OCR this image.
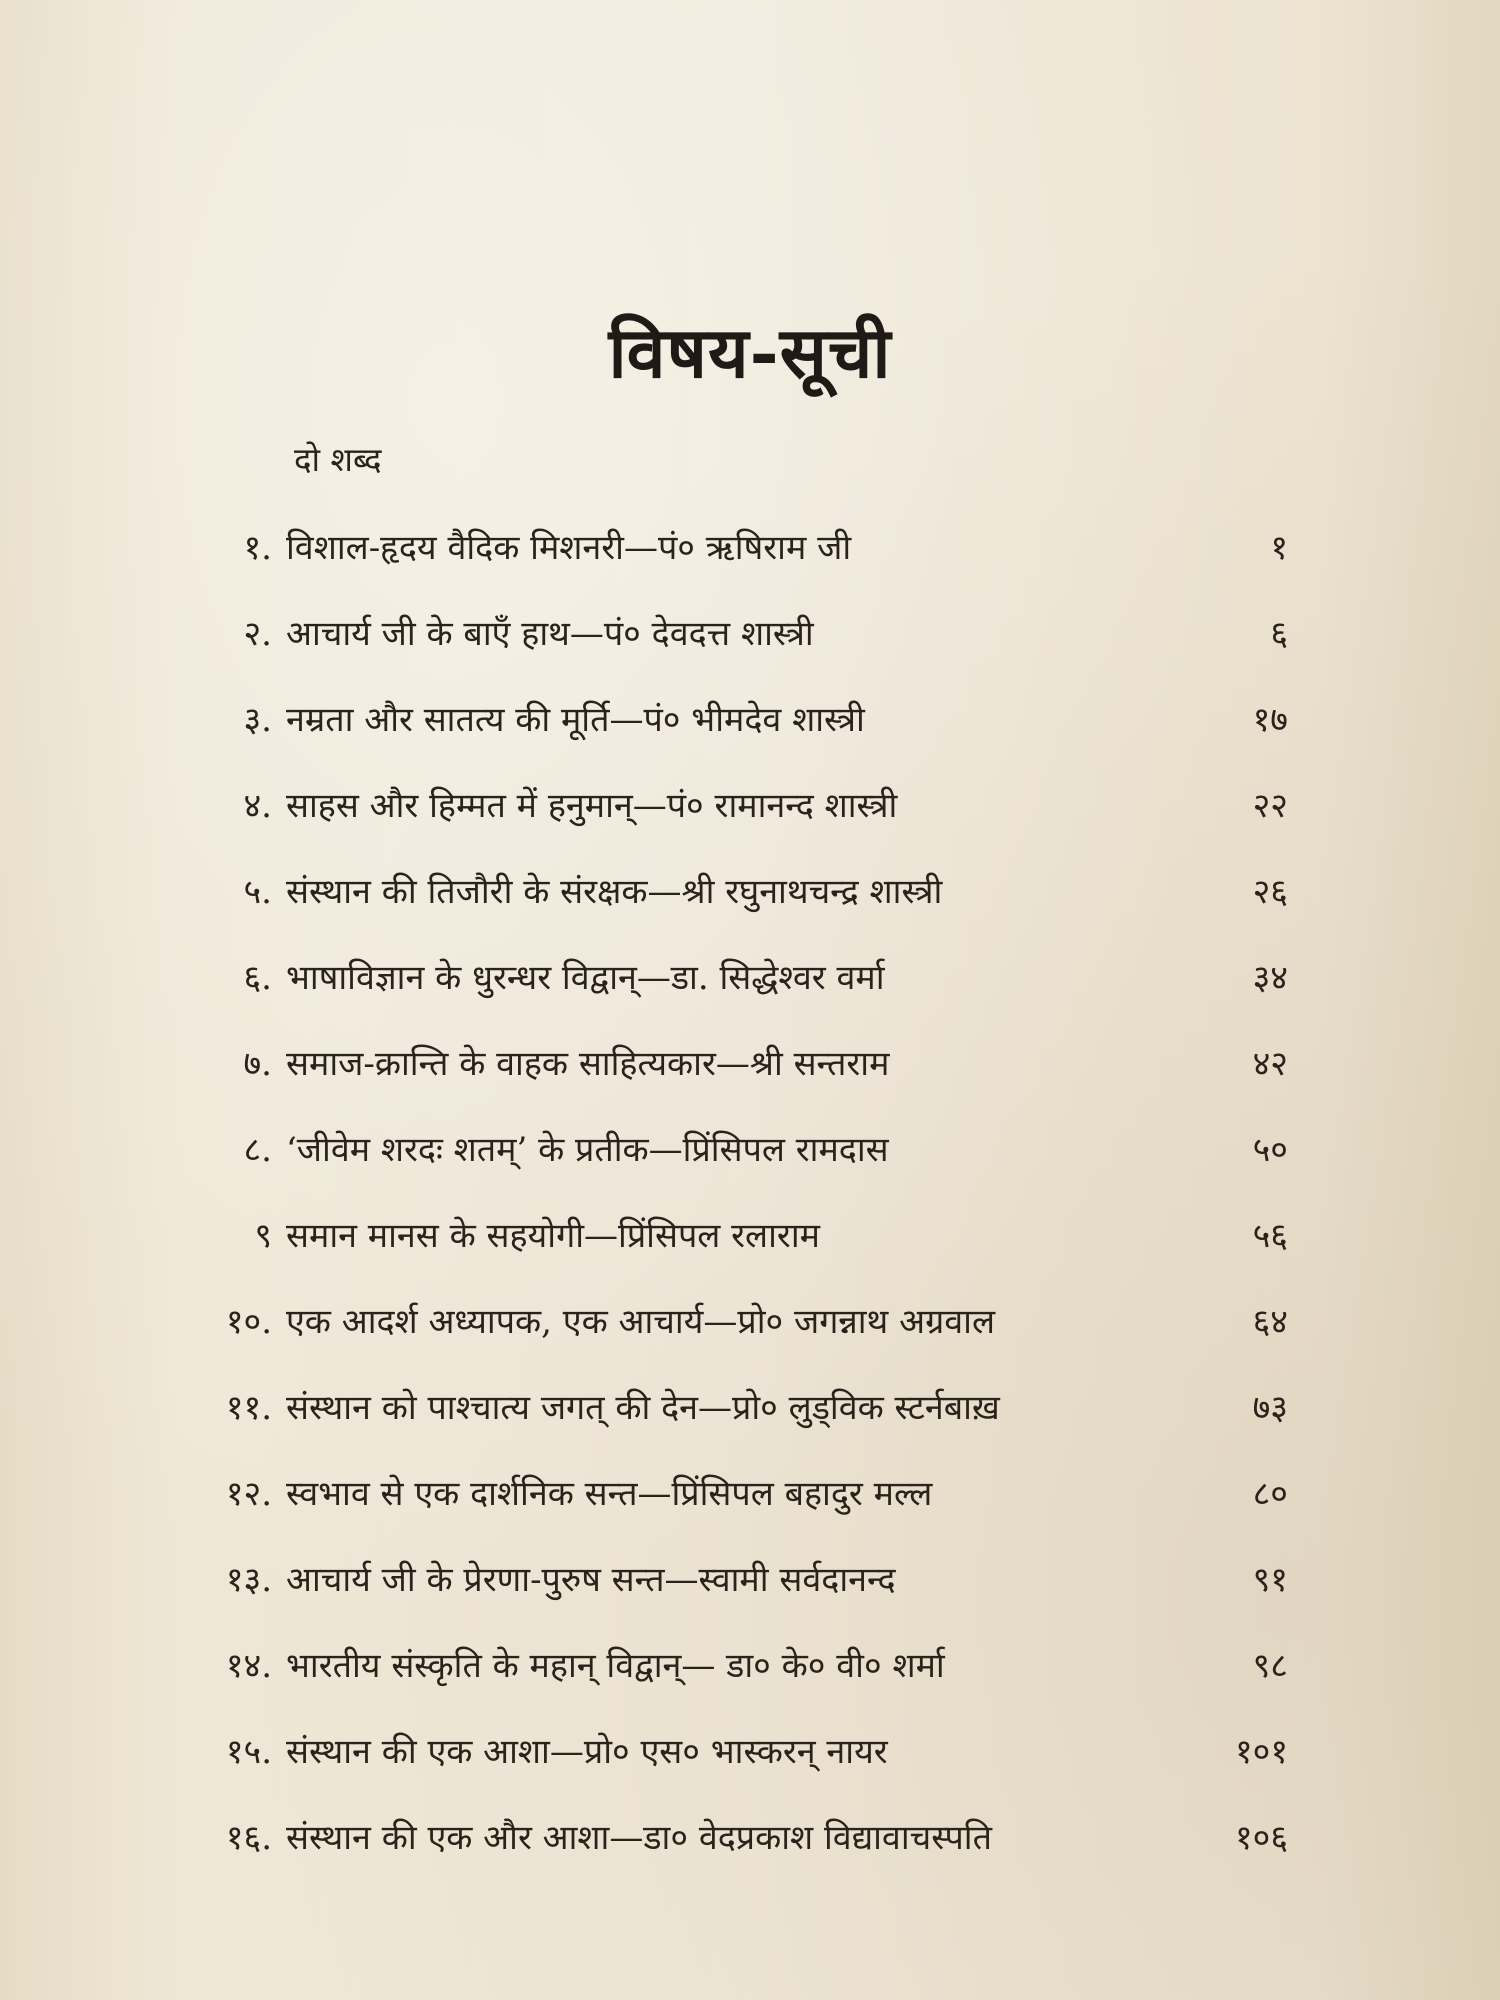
विषय-सूची
दो शब्द
१. विशाल-हृदय वैदिक मिशनरी—पं० ऋषिराम जी	१
२. आचार्य जी के बाएँ हाथ—पं० देवदत्त शास्त्री	६
३. नम्रता और सातत्य की मूर्ति—पं० भीमदेव शास्त्री	१७
४. साहस और हिम्मत में हनुमान्—पं० रामानन्द शास्त्री	२२
५. संस्थान की तिजौरी के संरक्षक—श्री रघुनाथचन्द्र शास्त्री	२६
६. भाषाविज्ञान के धुरन्धर विद्वान्—डा. सिद्धेश्वर वर्मा	३४
७. समाज-क्रान्ति के वाहक साहित्यकार—श्री सन्तराम	४२
८. ‘जीवेम शरदः शतम्’ के प्रतीक—प्रिंसिपल रामदास	५०
९ समान मानस के सहयोगी—प्रिंसिपल रलाराम	५६
१०. एक आदर्श अध्यापक, एक आचार्य—प्रो० जगन्नाथ अग्रवाल	६४
११. संस्थान को पाश्चात्य जगत् की देन—प्रो० लुड्विक स्टर्नबाख़	७३
१२. स्वभाव से एक दार्शनिक सन्त—प्रिंसिपल बहादुर मल्ल	८०
१३. आचार्य जी के प्रेरणा-पुरुष सन्त—स्वामी सर्वदानन्द	९१
१४. भारतीय संस्कृति के महान् विद्वान्— डा० के० वी० शर्मा	९८
१५. संस्थान की एक आशा—प्रो० एस० भास्करन् नायर	१०१
१६. संस्थान की एक और आशा—डा० वेदप्रकाश विद्यावाचस्पति	१०६
